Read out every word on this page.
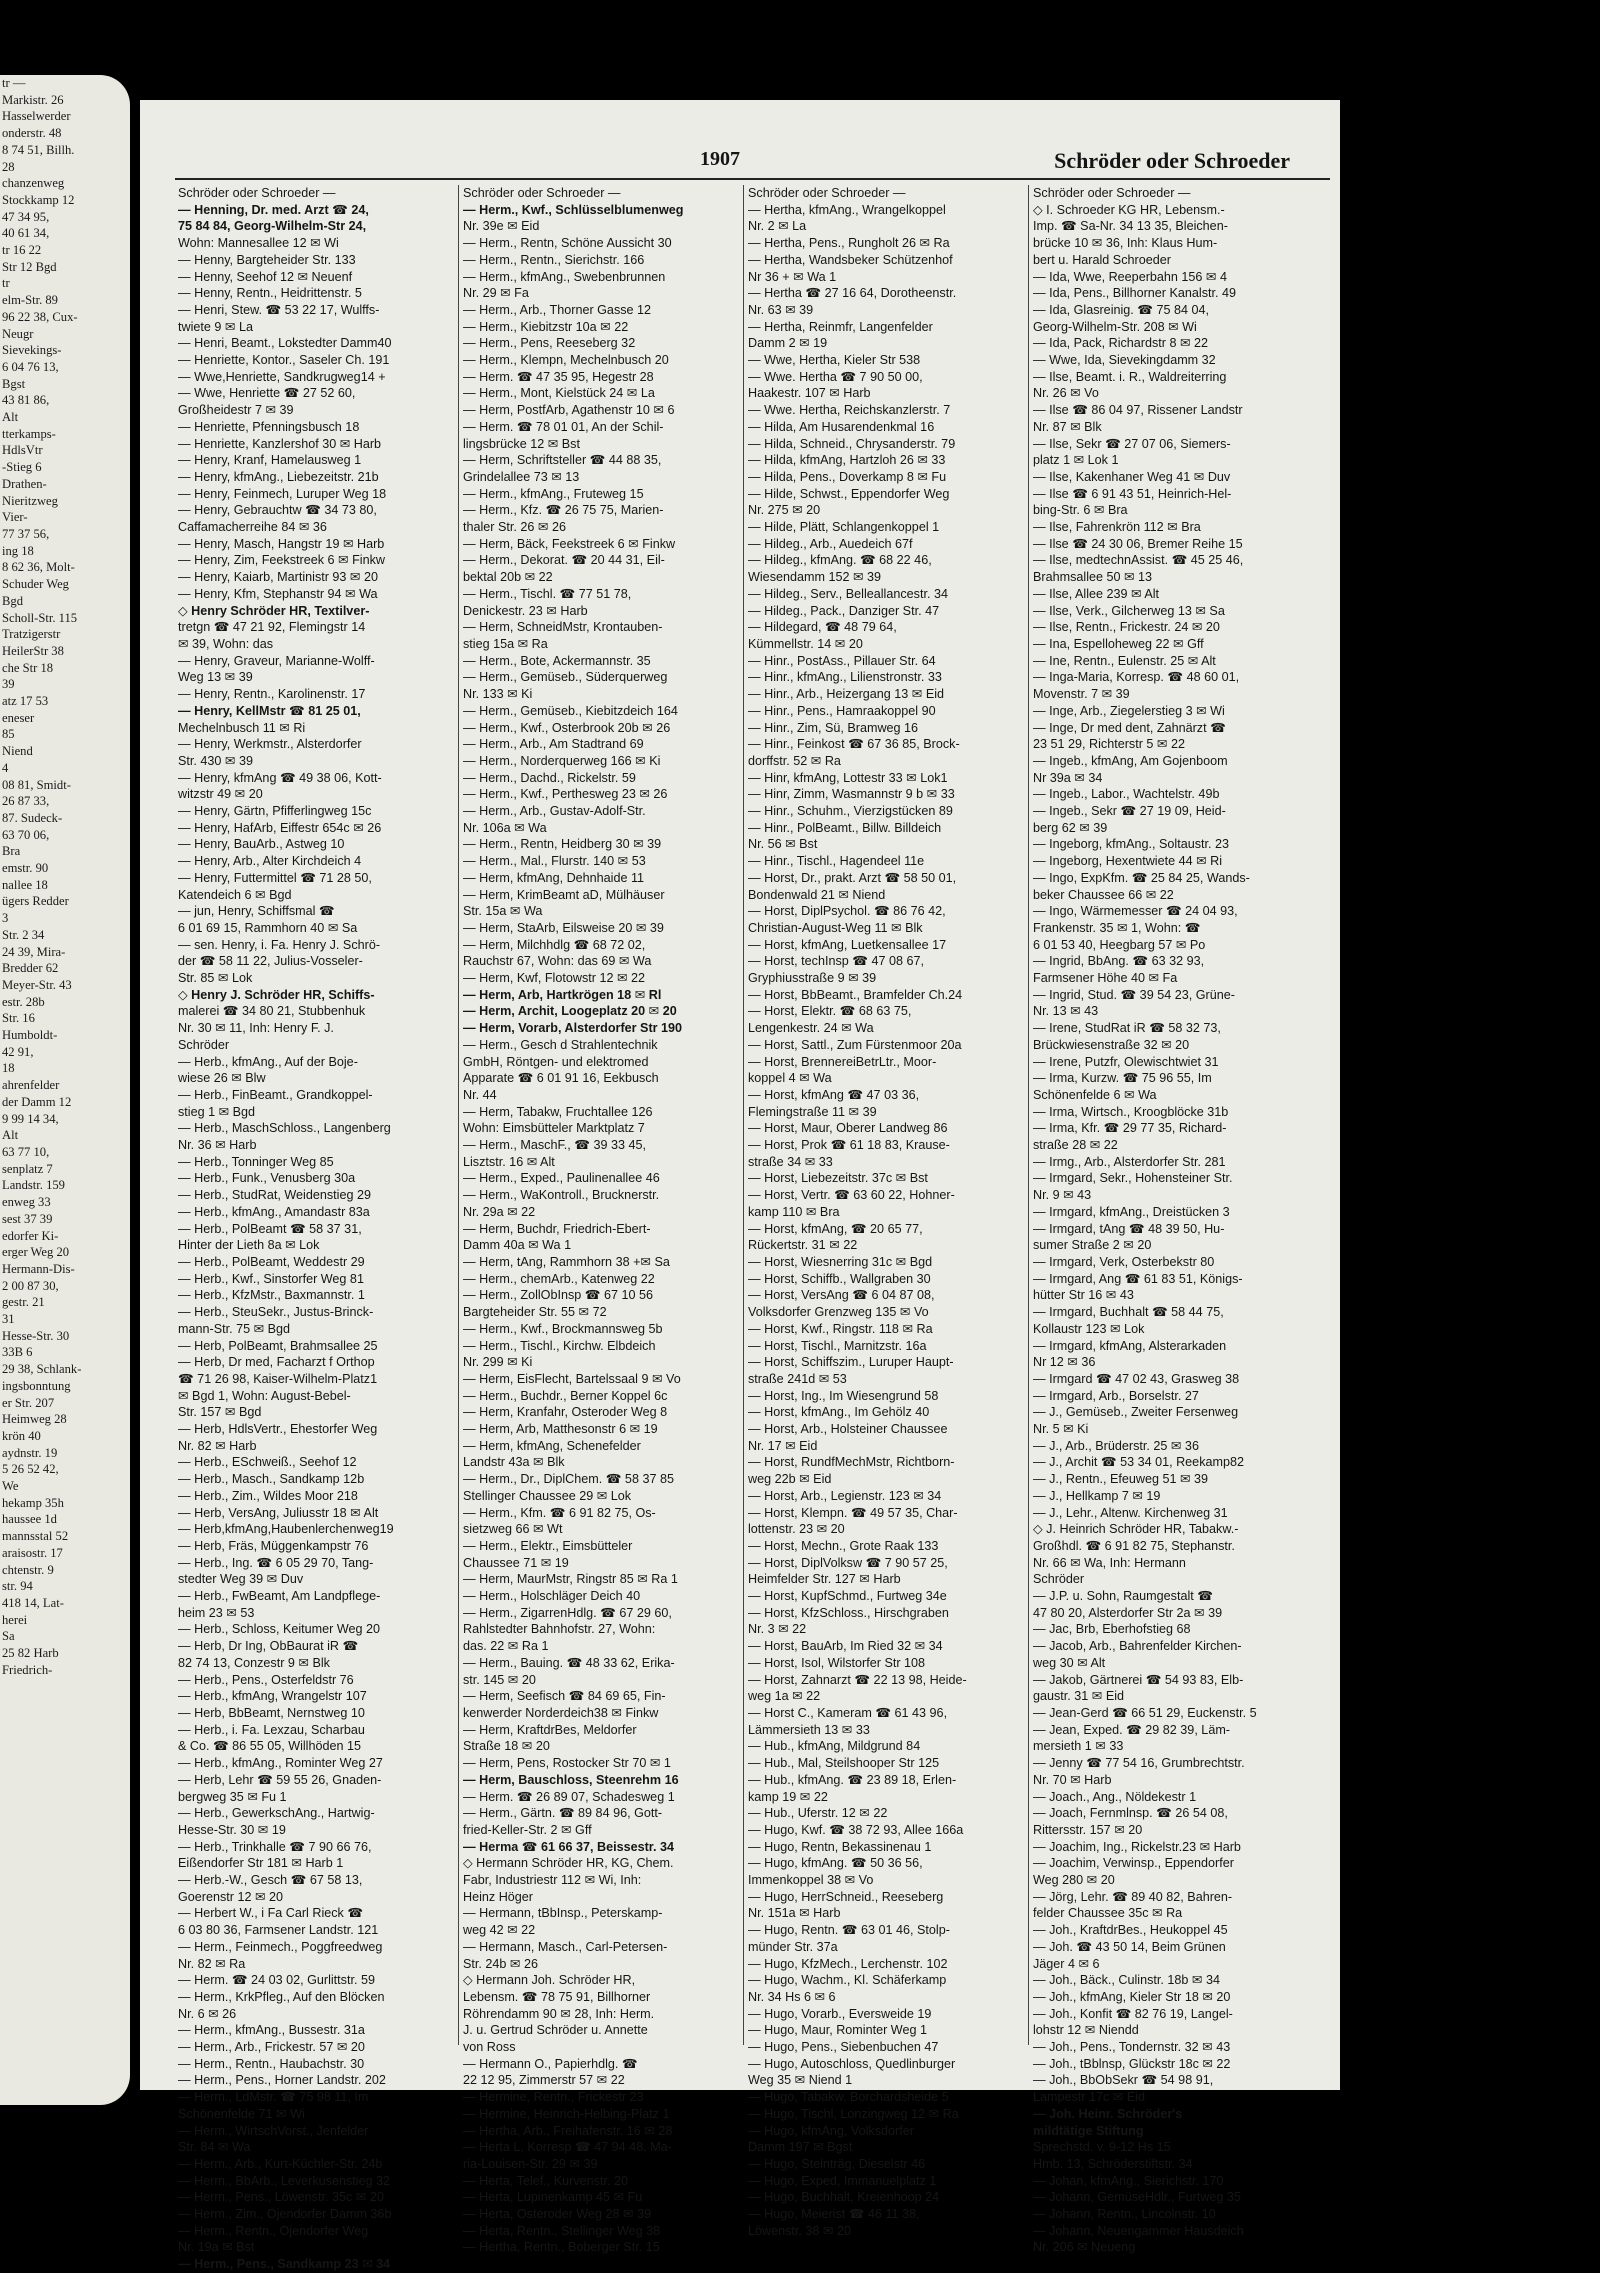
tr —
Markistr. 26
Hasselwerder
onderstr. 48
8 74 51, Billh.
28
chanzenweg
Stockkamp 12
47 34 95,
40 61 34,
tr 16 22
Str 12 Bgd
tr
elm-Str. 89
96 22 38, Cux-
Neugr
Sievekings-
6 04 76 13,
Bgst
43 81 86,
Alt
tterkamps-
HdlsVtr
-Stieg 6
Drathen-
Nieritzweg
Vier-
77 37 56,
ing 18
8 62 36, Molt-
Schuder Weg
Bgd
Scholl-Str. 115
Tratzigerstr
HeilerStr 38
che Str 18
39
atz 17 53
eneser
85
Niend
4
08 81, Smidt-
26 87 33,
87. Sudeck-
63 70 06,
Bra
emstr. 90
nallee 18
ügers Redder
3
Str. 2 34
24 39, Mira-
Bredder 62
Meyer-Str. 43
estr. 28b
Str. 16
Humboldt-
42 91,
18
ahrenfelder
der Damm 12
9 99 14 34,
Alt
63 77 10,
senplatz 7
Landstr. 159
enweg 33
sest 37 39
edorfer Ki-
erger Weg 20
Hermann-Dis-
2 00 87 30,
gestr. 21
31
Hesse-Str. 30
33B 6
29 38, Schlank-
ingsbonntung
er Str. 207
Heimweg 28
krön 40
aydnstr. 19
5 26 52 42,
We
hekamp 35h
haussee 1d
mannsstal 52
araisostr. 17
chtenstr. 9
str. 94
418 14, Lat-
herei
Sa
25 82 Harb
Friedrich-
1907	Schröder oder Schroeder
Schröder oder Schroeder —
— Henning, Dr. med. Arzt ☎ 24,
75 84 84, Georg-Wilhelm-Str 24,
Wohn: Mannesallee 12 ✉ Wi
— Henny, Bargteheider Str. 133
— Henny, Seehof 12 ✉ Neuenf
— Henny, Rentn., Heidrittenstr. 5
— Henri, Stew. ☎ 53 22 17, Wulffs-
twiete 9 ✉ La
— Henri, Beamt., Lokstedter Damm40
— Henriette, Kontor., Saseler Ch. 191
— Wwe,Henriette, Sandkrugweg14 +
— Wwe, Henriette ☎ 27 52 60,
Großheidestr 7 ✉ 39
— Henriette, Pfenningsbusch 18
— Henriette, Kanzlershof 30 ✉ Harb
— Henry, Kranf, Hamelausweg 1
— Henry, kfmAng., Liebezeitstr. 21b
— Henry, Feinmech, Luruper Weg 18
— Henry, Gebrauchtw ☎ 34 73 80,
Caffamacherreihe 84 ✉ 36
— Henry, Masch, Hangstr 19 ✉ Harb
— Henry, Zim, Feekstreek 6 ✉ Finkw
— Henry, Kaiarb, Martinistr 93 ✉ 20
— Henry, Kfm, Stephanstr 94 ✉ Wa
◇ Henry Schröder HR, Textilver-
tretgn ☎ 47 21 92, Flemingstr 14
✉ 39, Wohn: das
— Henry, Graveur, Marianne-Wolff-
Weg 13 ✉ 39
— Henry, Rentn., Karolinenstr. 17
— Henry, KellMstr ☎ 81 25 01,
Mechelnbusch 11 ✉ Ri
— Henry, Werkmstr., Alsterdorfer
Str. 430 ✉ 39
— Henry, kfmAng ☎ 49 38 06, Kott-
witzstr 49 ✉ 20
— Henry, Gärtn, Pfifferlingweg 15c
— Henry, HafArb, Eiffestr 654c ✉ 26
— Henry, BauArb., Astweg 10
— Henry, Arb., Alter Kirchdeich 4
— Henry, Futtermittel ☎ 71 28 50,
Katendeich 6 ✉ Bgd
— jun, Henry, Schiffsmal ☎
6 01 69 15, Rammhorn 40 ✉ Sa
— sen. Henry, i. Fa. Henry J. Schrö-
der ☎ 58 11 22, Julius-Vosseler-
Str. 85 ✉ Lok
◇ Henry J. Schröder HR, Schiffs-
malerei ☎ 34 80 21, Stubbenhuk
Nr. 30 ✉ 11, Inh: Henry F. J.
Schröder
— Herb., kfmAng., Auf der Boje-
wiese 26 ✉ Blw
— Herb., FinBeamt., Grandkoppel-
stieg 1 ✉ Bgd
— Herb., MaschSchloss., Langenberg
Nr. 36 ✉ Harb
— Herb., Tonninger Weg 85
— Herb., Funk., Venusberg 30a
— Herb., StudRat, Weidenstieg 29
— Herb., kfmAng., Amandastr 83a
— Herb., PolBeamt ☎ 58 37 31,
Hinter der Lieth 8a ✉ Lok
— Herb., PolBeamt, Weddestr 29
— Herb., Kwf., Sinstorfer Weg 81
— Herb., KfzMstr., Baxmannstr. 1
— Herb., SteuSekr., Justus-Brinck-
mann-Str. 75 ✉ Bgd
— Herb, PolBeamt, Brahmsallee 25
— Herb, Dr med, Facharzt f Orthop
☎ 71 26 98, Kaiser-Wilhelm-Platz1
✉ Bgd 1, Wohn: August-Bebel-
Str. 157 ✉ Bgd
— Herb, HdlsVertr., Ehestorfer Weg
Nr. 82 ✉ Harb
— Herb., ESchweiß., Seehof 12
— Herb., Masch., Sandkamp 12b
— Herb., Zim., Wildes Moor 218
— Herb, VersAng, Juliusstr 18 ✉ Alt
— Herb,kfmAng,Haubenlerchenweg19
— Herb, Fräs, Müggenkampstr 76
— Herb., Ing. ☎ 6 05 29 70, Tang-
stedter Weg 39 ✉ Duv
— Herb., FwBeamt, Am Landpflege-
heim 23 ✉ 53
— Herb., Schloss, Keitumer Weg 20
— Herb, Dr Ing, ObBaurat iR ☎
82 74 13, Conzestr 9 ✉ Blk
— Herb., Pens., Osterfeldstr 76
— Herb., kfmAng, Wrangelstr 107
— Herb, BbBeamt, Nernstweg 10
— Herb., i. Fa. Lexzau, Scharbau
& Co. ☎ 86 55 05, Willhöden 15
— Herb., kfmAng., Rominter Weg 27
— Herb, Lehr ☎ 59 55 26, Gnaden-
bergweg 35 ✉ Fu 1
— Herb., GewerkschAng., Hartwig-
Hesse-Str. 30 ✉ 19
— Herb., Trinkhalle ☎ 7 90 66 76,
Eißendorfer Str 181 ✉ Harb 1
— Herb.-W., Gesch ☎ 67 58 13,
Goerenstr 12 ✉ 20
— Herbert W., i Fa Carl Rieck ☎
6 03 80 36, Farmsener Landstr. 121
— Herm., Feinmech., Poggfreedweg
Nr. 82 ✉ Ra
— Herm. ☎ 24 03 02, Gurlittstr. 59
— Herm., KrkPfleg., Auf den Blöcken
Nr. 6 ✉ 26
— Herm., kfmAng., Bussestr. 31a
— Herm., Arb., Frickestr. 57 ✉ 20
— Herm., Rentn., Haubachstr. 30
— Herm., Pens., Horner Landstr. 202
— Herm., LdMstr. ☎ 75 98 11, Im
Schönenfelde 71 ✉ Wi
— Herm., WirtschVorst., Jenfelder
Str. 84 ✉ Wa
— Herm., Arb., Kurt-Küchler-Str. 24b
— Herm., BbArb., Leverkusenstieg 32
— Herm., Pens., Löwenstr. 35c ✉ 20
— Herm., Zim., Ojendorfer Damm 36b
— Herm., Rentn., Ojendorfer Weg
Nr. 19a ✉ Bst
— Herm., Pens., Sandkamp 23 ✉ 34
Schröder oder Schroeder —
— Herm., Kwf., Schlüsselblumenweg
Nr. 39e ✉ Eid
— Herm., Rentn, Schöne Aussicht 30
— Herm., Rentn., Sierichstr. 166
— Herm., kfmAng., Swebenbrunnen
Nr. 29 ✉ Fa
— Herm., Arb., Thorner Gasse 12
— Herm., Kiebitzstr 10a ✉ 22
— Herm., Pens, Reeseberg 32
— Herm., Klempn, Mechelnbusch 20
— Herm. ☎ 47 35 95, Hegestr 28
— Herm., Mont, Kielstück 24 ✉ La
— Herm, PostfArb, Agathenstr 10 ✉ 6
— Herm. ☎ 78 01 01, An der Schil-
lingsbrücke 12 ✉ Bst
— Herm, Schriftsteller ☎ 44 88 35,
Grindelallee 73 ✉ 13
— Herm., kfmAng., Fruteweg 15
— Herm., Kfz. ☎ 26 75 75, Marien-
thaler Str. 26 ✉ 26
— Herm, Bäck, Feekstreek 6 ✉ Finkw
— Herm., Dekorat. ☎ 20 44 31, Eil-
bektal 20b ✉ 22
— Herm., Tischl. ☎ 77 51 78,
Denickestr. 23 ✉ Harb
— Herm, SchneidMstr, Krontauben-
stieg 15a ✉ Ra
— Herm., Bote, Ackermannstr. 35
— Herm., Gemüseb., Süderquerweg
Nr. 133 ✉ Ki
— Herm., Gemüseb., Kiebitzdeich 164
— Herm., Kwf., Osterbrook 20b ✉ 26
— Herm., Arb., Am Stadtrand 69
— Herm., Norderquerweg 166 ✉ Ki
— Herm., Dachd., Rickelstr. 59
— Herm., Kwf., Perthesweg 23 ✉ 26
— Herm., Arb., Gustav-Adolf-Str.
Nr. 106a ✉ Wa
— Herm., Rentn, Heidberg 30 ✉ 39
— Herm., Mal., Flurstr. 140 ✉ 53
— Herm, kfmAng, Dehnhaide 11
— Herm, KrimBeamt aD, Mülhäuser
Str. 15a ✉ Wa
— Herm, StaArb, Eilsweise 20 ✉ 39
— Herm, Milchhdlg ☎ 68 72 02,
Rauchstr 67, Wohn: das 69 ✉ Wa
— Herm, Kwf, Flotowstr 12 ✉ 22
— Herm, Arb, Hartkrögen 18 ✉ Rl
— Herm, Archit, Loogeplatz 20 ✉ 20
— Herm, Vorarb, Alsterdorfer Str 190
— Herm., Gesch d Strahlentechnik
GmbH, Röntgen- und elektromed
Apparate ☎ 6 01 91 16, Eekbusch
Nr. 44
— Herm, Tabakw, Fruchtallee 126
Wohn: Eimsbütteler Marktplatz 7
— Herm., MaschF., ☎ 39 33 45,
Lisztstr. 16 ✉ Alt
— Herm., Exped., Paulinenallee 46
— Herm., WaKontroll., Brucknerstr.
Nr. 29a ✉ 22
— Herm, Buchdr, Friedrich-Ebert-
Damm 40a ✉ Wa 1
— Herm, tAng, Rammhorn 38 +✉ Sa
— Herm., chemArb., Katenweg 22
— Herm., ZollObInsp ☎ 67 10 56
Bargteheider Str. 55 ✉ 72
— Herm., Kwf., Brockmannsweg 5b
— Herm., Tischl., Kirchw. Elbdeich
Nr. 299 ✉ Ki
— Herm, EisFlecht, Bartelssaal 9 ✉ Vo
— Herm., Buchdr., Berner Koppel 6c
— Herm, Kranfahr, Osteroder Weg 8
— Herm, Arb, Matthesonstr 6 ✉ 19
— Herm, kfmAng, Schenefelder
Landstr 43a ✉ Blk
— Herm., Dr., DiplChem. ☎ 58 37 85
Stellinger Chaussee 29 ✉ Lok
— Herm., Kfm. ☎ 6 91 82 75, Os-
sietzweg 66 ✉ Wt
— Herm., Elektr., Eimsbütteler
Chaussee 71 ✉ 19
— Herm, MaurMstr, Ringstr 85 ✉ Ra 1
— Herm., Holschläger Deich 40
— Herm., ZigarrenHdlg. ☎ 67 29 60,
Rahlstedter Bahnhofstr. 27, Wohn:
das. 22 ✉ Ra 1
— Herm., Bauing. ☎ 48 33 62, Erika-
str. 145 ✉ 20
— Herm, Seefisch ☎ 84 69 65, Fin-
kenwerder Norderdeich38 ✉ Finkw
— Herm, KraftdrBes, Meldorfer
Straße 18 ✉ 20
— Herm, Pens, Rostocker Str 70 ✉ 1
— Herm, Bauschloss, Steenrehm 16
— Herm. ☎ 26 89 07, Schadesweg 1
— Herm., Gärtn. ☎ 89 84 96, Gott-
fried-Keller-Str. 2 ✉ Gff
— Herma ☎ 61 66 37, Beissestr. 34
◇ Hermann Schröder HR, KG, Chem.
Fabr, Industriestr 112 ✉ Wi, Inh:
Heinz Höger
— Hermann, tBbInsp., Peterskamp-
weg 42 ✉ 22
— Hermann, Masch., Carl-Petersen-
Str. 24b ✉ 26
◇ Hermann Joh. Schröder HR,
Lebensm. ☎ 78 75 91, Billhorner
Röhrendamm 90 ✉ 28, Inh: Herm.
J. u. Gertrud Schröder u. Annette
von Ross
— Hermann O., Papierhdlg. ☎
22 12 95, Zimmerstr 57 ✉ 22
— Hermine, Rentn., Frickestr 23
— Hermine, Heinrich-Helbing-Platz 1
— Hertha, Arb., Freihafenstr. 16 ✉ 28
— Herta L, Korresp ☎ 47 94 48, Ma-
ria-Louisen-Str. 29 ✉ 39
— Herta, Telef., Kurvenstr. 20
— Herta, Lupinenkamp 45 ✉ Fu
— Herta, Osteroder Weg 28 ✉ 39
— Herta, Rentn., Stellinger Weg 38
— Hertha, Rentn., Boberger Str. 15
Schröder oder Schroeder —
— Hertha, kfmAng., Wrangelkoppel
Nr. 2 ✉ La
— Hertha, Pens., Rungholt 26 ✉ Ra
— Hertha, Wandsbeker Schützenhof
Nr 36 + ✉ Wa 1
— Hertha ☎ 27 16 64, Dorotheenstr.
Nr. 63 ✉ 39
— Hertha, Reinmfr, Langenfelder
Damm 2 ✉ 19
— Wwe, Hertha, Kieler Str 538
— Wwe. Hertha ☎ 7 90 50 00,
Haakestr. 107 ✉ Harb
— Wwe. Hertha, Reichskanzlerstr. 7
— Hilda, Am Husarendenkmal 16
— Hilda, Schneid., Chrysanderstr. 79
— Hilda, kfmAng, Hartzloh 26 ✉ 33
— Hilda, Pens., Doverkamp 8 ✉ Fu
— Hilde, Schwst., Eppendorfer Weg
Nr. 275 ✉ 20
— Hilde, Plätt, Schlangenkoppel 1
— Hildeg., Arb., Auedeich 67f
— Hildeg., kfmAng. ☎ 68 22 46,
Wiesendamm 152 ✉ 39
— Hildeg., Serv., Belleallancestr. 34
— Hildeg., Pack., Danziger Str. 47
— Hildegard, ☎ 48 79 64,
Kümmellstr. 14 ✉ 20
— Hinr., PostAss., Pillauer Str. 64
— Hinr., kfmAng., Lilienstronstr. 33
— Hinr., Arb., Heizergang 13 ✉ Eid
— Hinr., Pens., Hamraakoppel 90
— Hinr., Zim, Sü, Bramweg 16
— Hinr., Feinkost ☎ 67 36 85, Brock-
dorffstr. 52 ✉ Ra
— Hinr, kfmAng, Lottestr 33 ✉ Lok1
— Hinr, Zimm, Wasmannstr 9 b ✉ 33
— Hinr., Schuhm., Vierzigstücken 89
— Hinr., PolBeamt., Billw. Billdeich
Nr. 56 ✉ Bst
— Hinr., Tischl., Hagendeel 11e
— Horst, Dr., prakt. Arzt ☎ 58 50 01,
Bondenwald 21 ✉ Niend
— Horst, DiplPsychol. ☎ 86 76 42,
Christian-August-Weg 11 ✉ Blk
— Horst, kfmAng, Luetkensallee 17
— Horst, techInsp ☎ 47 08 67,
Gryphiusstraße 9 ✉ 39
— Horst, BbBeamt., Bramfelder Ch.24
— Horst, Elektr. ☎ 68 63 75,
Lengenkestr. 24 ✉ Wa
— Horst, Sattl., Zum Fürstenmoor 20a
— Horst, BrennereiBetrLtr., Moor-
koppel 4 ✉ Wa
— Horst, kfmAng ☎ 47 03 36,
Flemingstraße 11 ✉ 39
— Horst, Maur, Oberer Landweg 86
— Horst, Prok ☎ 61 18 83, Krause-
straße 34 ✉ 33
— Horst, Liebezeitstr. 37c ✉ Bst
— Horst, Vertr. ☎ 63 60 22, Hohner-
kamp 110 ✉ Bra
— Horst, kfmAng, ☎ 20 65 77,
Rückertstr. 31 ✉ 22
— Horst, Wiesnerring 31c ✉ Bgd
— Horst, Schiffb., Wallgraben 30
— Horst, VersAng ☎ 6 04 87 08,
Volksdorfer Grenzweg 135 ✉ Vo
— Horst, Kwf., Ringstr. 118 ✉ Ra
— Horst, Tischl., Marnitzstr. 16a
— Horst, Schiffszim., Luruper Haupt-
straße 241d ✉ 53
— Horst, Ing., Im Wiesengrund 58
— Horst, kfmAng., Im Gehölz 40
— Horst, Arb., Holsteiner Chaussee
Nr. 17 ✉ Eid
— Horst, RundfMechMstr, Richtborn-
weg 22b ✉ Eid
— Horst, Arb., Legienstr. 123 ✉ 34
— Horst, Klempn. ☎ 49 57 35, Char-
lottenstr. 23 ✉ 20
— Horst, Mechn., Grote Raak 133
— Horst, DiplVolksw ☎ 7 90 57 25,
Heimfelder Str. 127 ✉ Harb
— Horst, KupfSchmd., Furtweg 34e
— Horst, KfzSchloss., Hirschgraben
Nr. 3 ✉ 22
— Horst, BauArb, Im Ried 32 ✉ 34
— Horst, Isol, Wilstorfer Str 108
— Horst, Zahnarzt ☎ 22 13 98, Heide-
weg 1a ✉ 22
— Horst C., Kameram ☎ 61 43 96,
Lämmersieth 13 ✉ 33
— Hub., kfmAng, Mildgrund 84
— Hub., Mal, Steilshooper Str 125
— Hub., kfmAng. ☎ 23 89 18, Erlen-
kamp 19 ✉ 22
— Hub., Uferstr. 12 ✉ 22
— Hugo, Kwf. ☎ 38 72 93, Allee 166a
— Hugo, Rentn, Bekassinenau 1
— Hugo, kfmAng. ☎ 50 36 56,
Immenkoppel 38 ✉ Vo
— Hugo, HerrSchneid., Reeseberg
Nr. 151a ✉ Harb
— Hugo, Rentn. ☎ 63 01 46, Stolp-
münder Str. 37a
— Hugo, KfzMech., Lerchenstr. 102
— Hugo, Wachm., Kl. Schäferkamp
Nr. 34 Hs 6 ✉ 6
— Hugo, Vorarb., Eversweide 19
— Hugo, Maur, Rominter Weg 1
— Hugo, Pens., Siebenbuchen 47
— Hugo, Autoschloss, Quedlinburger
Weg 35 ✉ Niend 1
— Hugo, Tabakw, Borchardsheide 5
— Hugo, Tischl, Lonzingweg 12 ✉ Ra
— Hugo, kfmAng, Volksdorfer
Damm 197 ✉ Bgst
— Hugo, Steinträg, Dieselstr 46
— Hugo, Exped, Immanuelplatz 1
— Hugo, Buchhalt, Kreienhoop 24
— Hugo, Meierist ☎ 46 11 38,
Löwenstr. 38 ✉ 20
Schröder oder Schroeder —
◇ I. Schroeder KG HR, Lebensm.-
Imp. ☎ Sa-Nr. 34 13 35, Bleichen-
brücke 10 ✉ 36, Inh: Klaus Hum-
bert u. Harald Schroeder
— Ida, Wwe, Reeperbahn 156 ✉ 4
— Ida, Pens., Billhorner Kanalstr. 49
— Ida, Glasreinig. ☎ 75 84 04,
Georg-Wilhelm-Str. 208 ✉ Wi
— Ida, Pack, Richardstr 8 ✉ 22
— Wwe, Ida, Sievekingdamm 32
— Ilse, Beamt. i. R., Waldreiterring
Nr. 26 ✉ Vo
— Ilse ☎ 86 04 97, Rissener Landstr
Nr. 87 ✉ Blk
— Ilse, Sekr ☎ 27 07 06, Siemers-
platz 1 ✉ Lok 1
— Ilse, Kakenhaner Weg 41 ✉ Duv
— Ilse ☎ 6 91 43 51, Heinrich-Hel-
bing-Str. 6 ✉ Bra
— Ilse, Fahrenkrön 112 ✉ Bra
— Ilse ☎ 24 30 06, Bremer Reihe 15
— Ilse, medtechnAssist. ☎ 45 25 46,
Brahmsallee 50 ✉ 13
— Ilse, Allee 239 ✉ Alt
— Ilse, Verk., Gilcherweg 13 ✉ Sa
— Ilse, Rentn., Frickestr. 24 ✉ 20
— Ina, Espelloheweg 22 ✉ Gff
— Ine, Rentn., Eulenstr. 25 ✉ Alt
— Inga-Maria, Korresp. ☎ 48 60 01,
Movenstr. 7 ✉ 39
— Inge, Arb., Ziegelerstieg 3 ✉ Wi
— Inge, Dr med dent, Zahnärzt ☎
23 51 29, Richterstr 5 ✉ 22
— Ingeb., kfmAng, Am Gojenboom
Nr 39a ✉ 34
— Ingeb., Labor., Wachtelstr. 49b
— Ingeb., Sekr ☎ 27 19 09, Heid-
berg 62 ✉ 39
— Ingeborg, kfmAng., Soltaustr. 23
— Ingeborg, Hexentwiete 44 ✉ Ri
— Ingo, ExpKfm. ☎ 25 84 25, Wands-
beker Chaussee 66 ✉ 22
— Ingo, Wärmemesser ☎ 24 04 93,
Frankenstr. 35 ✉ 1, Wohn: ☎
6 01 53 40, Heegbarg 57 ✉ Po
— Ingrid, BbAng. ☎ 63 32 93,
Farmsener Höhe 40 ✉ Fa
— Ingrid, Stud. ☎ 39 54 23, Grüne-
Nr. 13 ✉ 43
— Irene, StudRat iR ☎ 58 32 73,
Brückwiesenstraße 32 ✉ 20
— Irene, Putzfr, Olewischtwiet 31
— Irma, Kurzw. ☎ 75 96 55, Im
Schönenfelde 6 ✉ Wa
— Irma, Wirtsch., Kroogblöcke 31b
— Irma, Kfr. ☎ 29 77 35, Richard-
straße 28 ✉ 22
— Irmg., Arb., Alsterdorfer Str. 281
— Irmgard, Sekr., Hohensteiner Str.
Nr. 9 ✉ 43
— Irmgard, kfmAng., Dreistücken 3
— Irmgard, tAng ☎ 48 39 50, Hu-
sumer Straße 2 ✉ 20
— Irmgard, Verk, Osterbekstr 80
— Irmgard, Ang ☎ 61 83 51, Königs-
hütter Str 16 ✉ 43
— Irmgard, Buchhalt ☎ 58 44 75,
Kollaustr 123 ✉ Lok
— Irmgard, kfmAng, Alsterarkaden
Nr 12 ✉ 36
— Irmgard ☎ 47 02 43, Grasweg 38
— Irmgard, Arb., Borselstr. 27
— J., Gemüseb., Zweiter Fersenweg
Nr. 5 ✉ Ki
— J., Arb., Brüderstr. 25 ✉ 36
— J., Archit ☎ 53 34 01, Reekamp82
— J., Rentn., Efeuweg 51 ✉ 39
— J., Hellkamp 7 ✉ 19
— J., Lehr., Altenw. Kirchenweg 31
◇ J. Heinrich Schröder HR, Tabakw.-
Großhdl. ☎ 6 91 82 75, Stephanstr.
Nr. 66 ✉ Wa, Inh: Hermann
Schröder
— J.P. u. Sohn, Raumgestalt ☎
47 80 20, Alsterdorfer Str 2a ✉ 39
— Jac, Brb, Eberhofstieg 68
— Jacob, Arb., Bahrenfelder Kirchen-
weg 30 ✉ Alt
— Jakob, Gärtnerei ☎ 54 93 83, Elb-
gaustr. 31 ✉ Eid
— Jean-Gerd ☎ 66 51 29, Euckenstr. 5
— Jean, Exped. ☎ 29 82 39, Läm-
mersieth 1 ✉ 33
— Jenny ☎ 77 54 16, Grumbrechtstr.
Nr. 70 ✉ Harb
— Joach., Ang., Nöldekestr 1
— Joach, Fernmlnsp. ☎ 26 54 08,
Rittersstr. 157 ✉ 20
— Joachim, Ing., Rickelstr.23 ✉ Harb
— Joachim, Verwinsp., Eppendorfer
Weg 280 ✉ 20
— Jörg, Lehr. ☎ 89 40 82, Bahren-
felder Chaussee 35c ✉ Ra
— Joh., KraftdrBes., Heukoppel 45
— Joh. ☎ 43 50 14, Beim Grünen
Jäger 4 ✉ 6
— Joh., Bäck., Culinstr. 18b ✉ 34
— Joh., kfmAng, Kieler Str 18 ✉ 20
— Joh., Konfit ☎ 82 76 19, Langel-
lohstr 12 ✉ Niendd
— Joh., Pens., Tondernstr. 32 ✉ 43
— Joh., tBblnsp, Glückstr 18c ✉ 22
— Joh., BbObSekr ☎ 54 98 91,
Lampestr 17c ✉ Eid
— Joh. Heinr. Schröder's
mildtätige Stiftung
Sprechstd. v. 9-12 Hs 15
Hmb. 13, Schröderstiftstr. 34
— Johan, kfmAng., Sierichstr. 170
— Johann, GemüseHdlr., Furtweg 35
— Johann, Rentn., Lincolnstr. 10
— Johann, Neuengammer Hausdeich
Nr. 206 ✉ Neueng
